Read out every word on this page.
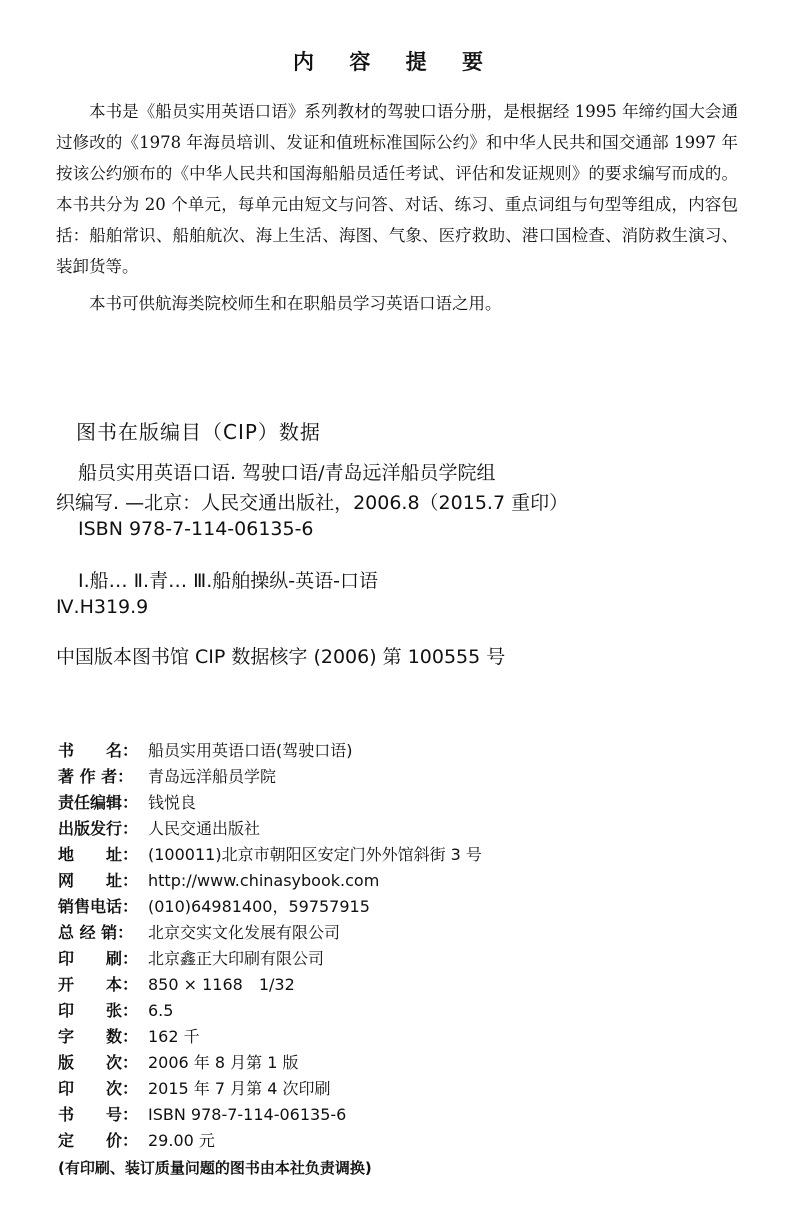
内 容 提 要

本书是《船员实用英语口语》系列教材的驾驶口语分册，是根据经 1995 年缔约国大会通过修改的《1978 年海员培训、发证和值班标准国际公约》和中华人民共和国交通部 1997 年按该公约颁布的《中华人民共和国海船船员适任考试、评估和发证规则》的要求编写而成的。本书共分为 20 个单元，每单元由短文与问答、对话、练习、重点词组与句型等组成，内容包括：船舶常识、船舶航次、海上生活、海图、气象、医疗救助、港口国检查、消防救生演习、装卸货等。

本书可供航海类院校师生和在职船员学习英语口语之用。

图书在版编目（CIP）数据
船员实用英语口语. 驾驶口语/青岛远洋船员学院组
织编写. —北京：人民交通出版社，2006.8（2015.7 重印）
ISBN 978-7-114-06135-6
Ⅰ.船… Ⅱ.青… Ⅲ.船舶操纵-英语-口语
Ⅳ.H319.9
中国版本图书馆 CIP 数据核字 (2006) 第 100555 号
书　　名： 船员实用英语口语(驾驶口语)
著 作 者： 青岛远洋船员学院
责任编辑： 钱悦良
出版发行： 人民交通出版社
地　　址： (100011)北京市朝阳区安定门外外馆斜街 3 号
网　　址： http://www.chinasybook.com
销售电话： (010)64981400，59757915
总 经 销： 北京交实文化发展有限公司
印　　刷： 北京鑫正大印刷有限公司
开　　本： 850 × 1168　1/32
印　　张： 6.5
字　　数： 162 千
版　　次： 2006 年 8 月第 1 版
印　　次： 2015 年 7 月第 4 次印刷
书　　号： ISBN 978-7-114-06135-6
定　　价： 29.00 元
(有印刷、装订质量问题的图书由本社负责调换)
